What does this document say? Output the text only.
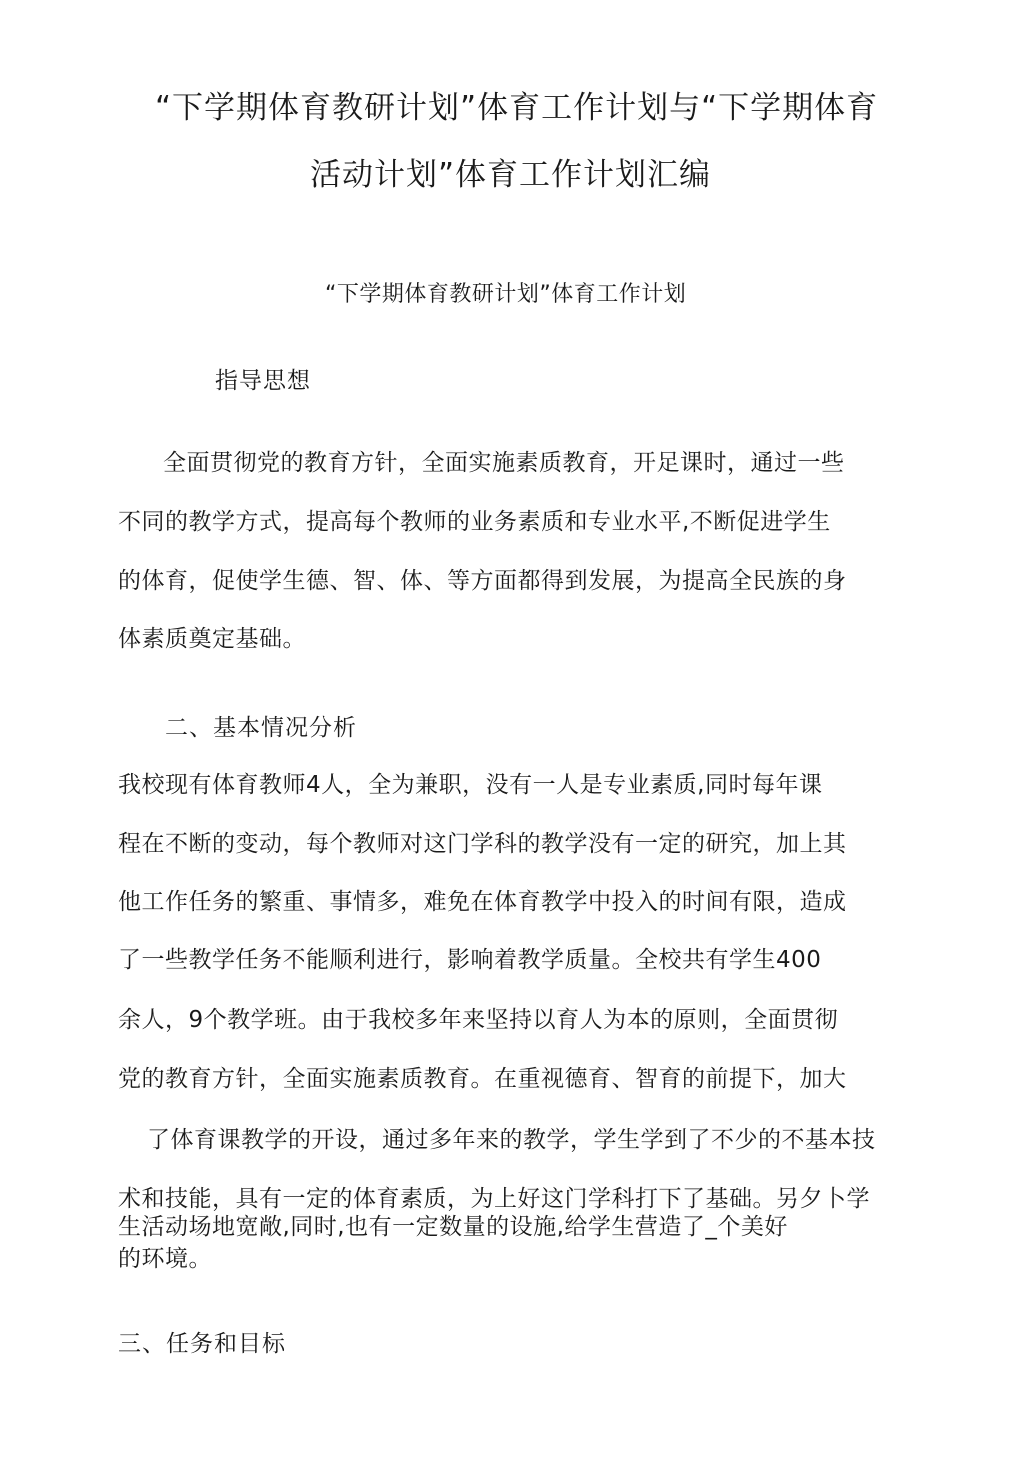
“下学期体育教研计划”体育工作计划与“下学期体育
活动计划”体育工作计划汇编
“下学期体育教研计划”体育工作计划
指导思想
全面贯彻党的教育方针，全面实施素质教育，开足课时，通过一些
不同的教学方式，提高每个教师的业务素质和专业水平,不断促进学生
的体育，促使学生德、智、体、等方面都得到发展，为提高全民族的身
体素质奠定基础。
二、基本情况分析
我校现有体育教师4人，全为兼职，没有一人是专业素质,同时每年课
程在不断的变动，每个教师对这门学科的教学没有一定的研究，加上其
他工作任务的繁重、事情多，难免在体育教学中投入的时间有限，造成
了一些教学任务不能顺利进行，影响着教学质量。全校共有学生400
余人，9个教学班。由于我校多年来坚持以育人为本的原则，全面贯彻
党的教育方针，全面实施素质教育。在重视德育、智育的前提下，加大
了体育课教学的开设，通过多年来的教学，学生学到了不少的不基本技
术和技能，具有一定的体育素质，为上好这门学科打下了基础。另夕卜学
生活动场地宽敞,同时,也有一定数量的设施,给学生营造了_个美好
的环境。
三、任务和目标
